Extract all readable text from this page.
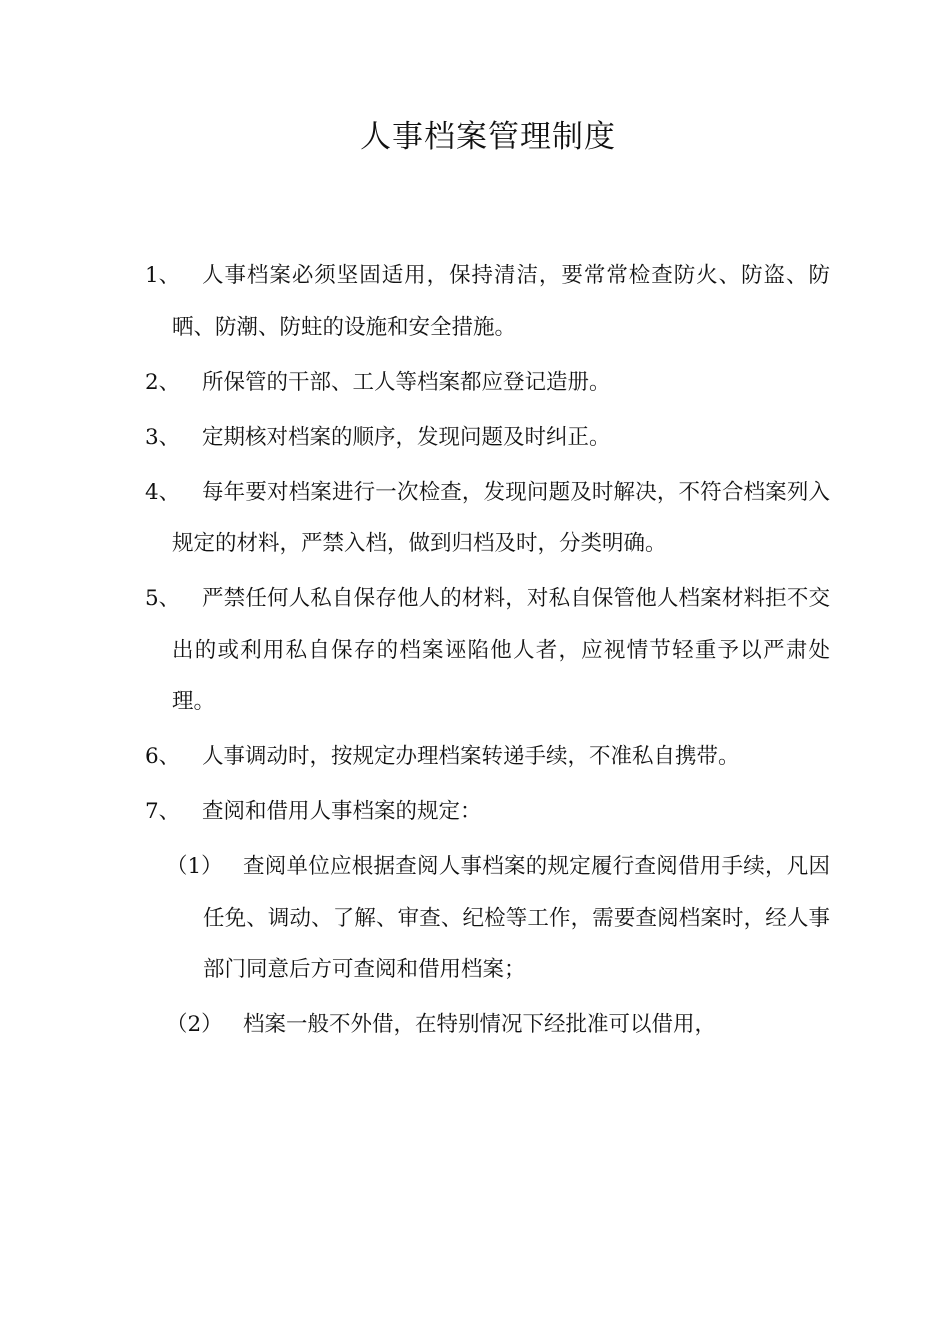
人事档案管理制度
1、	人事档案必须坚固适用，保持清洁，要常常检查防火、防盗、防晒、防潮、防蛀的设施和安全措施。
2、	所保管的干部、工人等档案都应登记造册。
3、	定期核对档案的顺序，发现问题及时纠正。
4、	每年要对档案进行一次检查，发现问题及时解决，不符合档案列入规定的材料，严禁入档，做到归档及时，分类明确。
5、	严禁任何人私自保存他人的材料，对私自保管他人档案材料拒不交出的或利用私自保存的档案诬陷他人者，应视情节轻重予以严肃处理。
6、	人事调动时，按规定办理档案转递手续，不准私自携带。
7、	查阅和借用人事档案的规定：
（1） 查阅单位应根据查阅人事档案的规定履行查阅借用手续，凡因任免、调动、了解、审查、纪检等工作，需要查阅档案时，经人事部门同意后方可查阅和借用档案；
（2） 档案一般不外借，在特别情况下经批准可以借用，
